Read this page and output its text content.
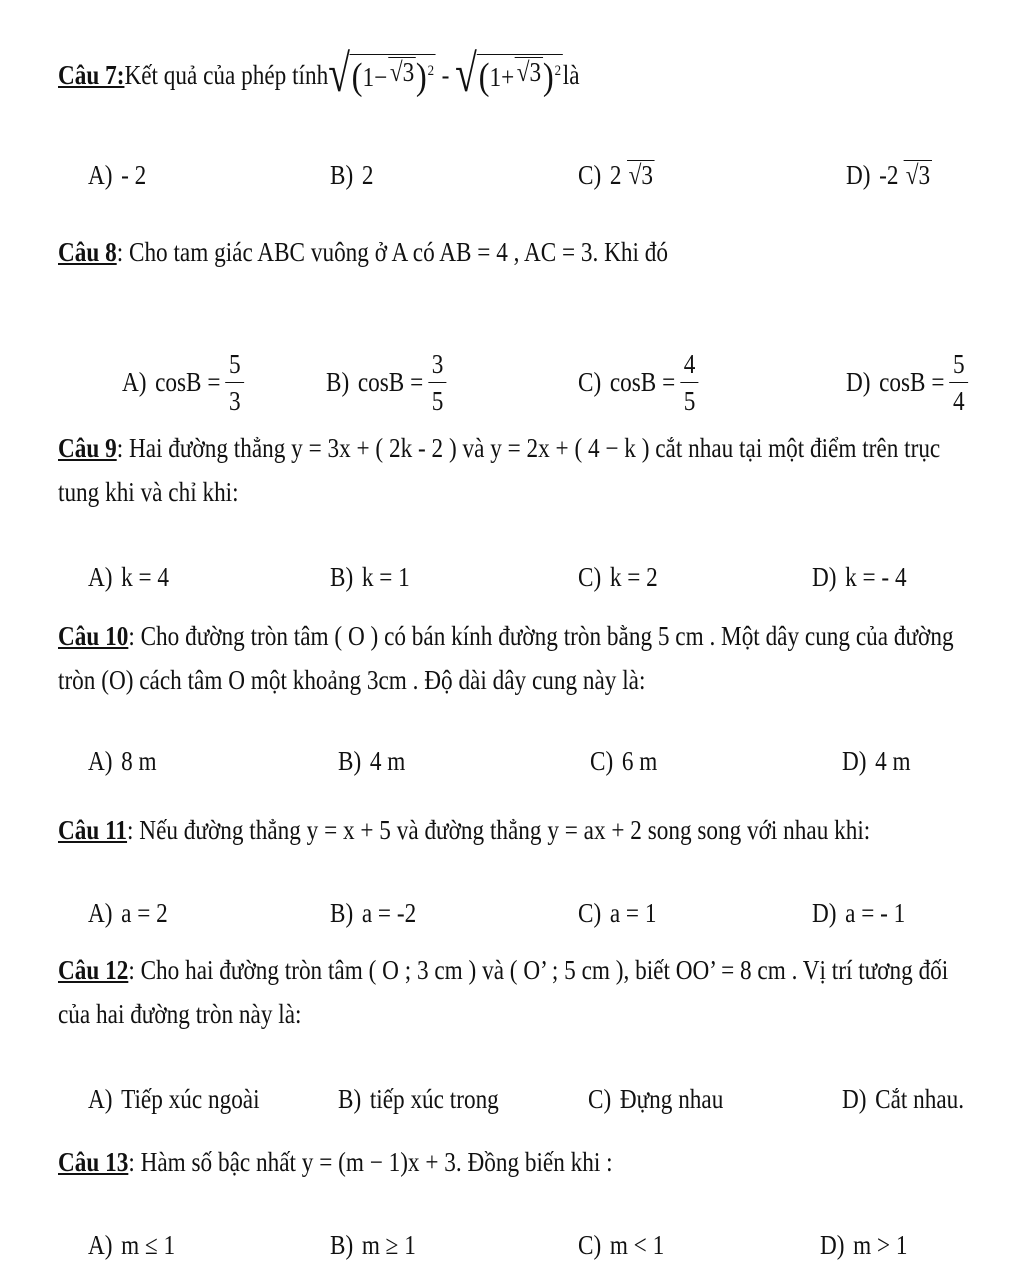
Câu 7: Kết quả của phép tính √ ( 1− √3 ) 2 - √ ( 1+ √3 ) 2 là
A) - 2	B) 2	C) 2  √3	D) -2  √3
Câu 8: Cho tam giác ABC vuông ở A có AB = 4 , AC = 3. Khi đó
A) $\cos B = \frac{5}{3}$	B) $\cos B = \frac{3}{5}$	C) $\cos B = \frac{4}{5}$	D) $\cos B = \frac{5}{4}$
Câu 9: Hai đường thẳng y = 3x + ( 2k - 2 ) và y = 2x + ( 4 − k ) cắt nhau tại một điểm trên trục tung khi và chỉ khi:
A) k = 4	B) k = 1	C) k = 2	D) k = - 4
Câu 10: Cho đường tròn tâm ( O ) có bán kính đường tròn bằng 5 cm . Một dây cung của đường tròn (O) cách tâm O một khoảng 3cm . Độ dài dây cung này là:
A) 8 m	B) 4 m	C) 6 m	D) 4 m
Câu 11: Nếu đường thẳng y = x + 5 và đường thẳng y = ax + 2 song song với nhau khi:
A) a = 2	B) a = -2	C) a = 1	D) a = - 1
Câu 12: Cho hai đường tròn tâm ( O ; 3 cm ) và ( O’ ; 5 cm ), biết OO’ = 8 cm . Vị trí tương đối của hai đường tròn này là:
A) Tiếp xúc ngoài	B) tiếp xúc trong	C) Đựng nhau	D) Cắt nhau.
Câu 13: Hàm số bậc nhất y = (m − 1)x + 3. Đồng biến khi :
A) m ≤ 1	B) m ≥ 1	C) m < 1	D) m > 1
